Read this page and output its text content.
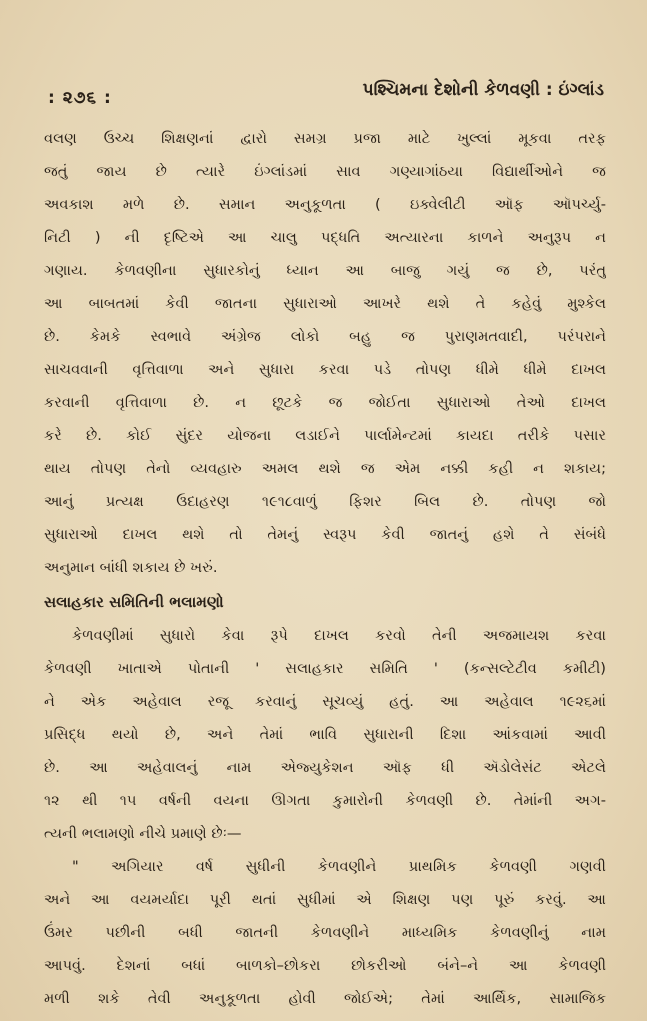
: ૨૭૬ :	પશ્ચિમના દેશોની કેળવણી : ઇંગ્લાંડ

વલણ ઉચ્ચ શિક્ષણનાં દ્વારો સમગ્ર પ્રજા માટે ખુલ્લાં મૂકવા તરફ
જતું જાય છે ત્યારે ઇંગ્લાંડમાં સાવ ગણ્યાગાંઠયા વિદ્યાર્થીઓને જ
અવકાશ મળે છે. સમાન અનુકૂળતા ( ઇક્વેલીટી ઑફ ઑપર્ચ્યુ-
નિટી ) ની દૃષ્ટિએ આ ચાલુ પદ્ધતિ અત્યારના કાળને અનુરૂપ ન
ગણાય. કેળવણીના સુધારકોનું ધ્યાન આ બાજુ ગયું જ છે, પરંતુ
આ બાબતમાં કેવી જાતના સુધારાઓ આખરે થશે તે કહેવું મુશ્કેલ
છે. કેમકે સ્વભાવે અંગ્રેજ લોકો બહુ જ પુરાણમતવાદી, પરંપરાને
સાચવવાની વૃત્તિવાળા અને સુધારા કરવા પડે તોપણ ધીમે ધીમે દાખલ
કરવાની વૃત્તિવાળા છે. ન છૂટકે જ જોઈતા સુધારાઓ તેઓ દાખલ
કરે છે. કોઈ સુંદર યોજના લડાઈને પાર્લામેન્ટમાં કાયદા તરીકે પસાર
થાય તોપણ તેનો વ્યવહારુ અમલ થશે જ એમ નક્કી કહી ન શકાય;
આનું પ્રત્યક્ષ ઉદાહરણ ૧૯૧૮વાળું ફિશર બિલ છે. તોપણ જો
સુધારાઓ દાખલ થશે તો તેમનું સ્વરૂપ કેવી જાતનું હશે તે સંબંધે
અનુમાન બાંધી શકાય છે ખરું.

સલાહકાર સમિતિની ભલામણો

કેળવણીમાં સુધારો કેવા રૂપે દાખલ કરવો તેની અજમાયશ કરવા
કેળવણી ખાતાએ પોતાની ' સલાહકાર સમિતિ ' (કન્સલ્ટેટીવ કમીટી)
ને એક અહેવાલ રજૂ કરવાનું સૂચવ્યું હતું. આ અહેવાલ ૧૯૨૬માં
પ્રસિદ્ધ થયો છે, અને તેમાં ભાવિ સુધારાની દિશા આંકવામાં આવી
છે. આ અહેવાલનું નામ એજ્યુકેશન ઑફ ધી ઍડોલેસંટ એટલે
૧૨ થી ૧૫ વર્ષની વયના ઊગતા કુમારોની કેળવણી છે. તેમાંની અગ-
ત્યની ભલામણો નીચે પ્રમાણે છેઃ—

" અગિયાર વર્ષ સુધીની કેળવણીને પ્રાથમિક કેળવણી ગણવી
અને આ વયમર્યાદા પૂરી થતાં સુધીમાં એ શિક્ષણ પણ પૂરું કરવું. આ
ઉંમર પછીની બધી જાતની કેળવણીને માધ્યમિક કેળવણીનું નામ
આપવું. દેશનાં બધાં બાળકો–છોકરા છોકરીઓ બંને–ને આ કેળવણી
મળી શકે તેવી અનુકૂળતા હોવી જોઈએ; તેમાં આર્થિક, સામાજિક
